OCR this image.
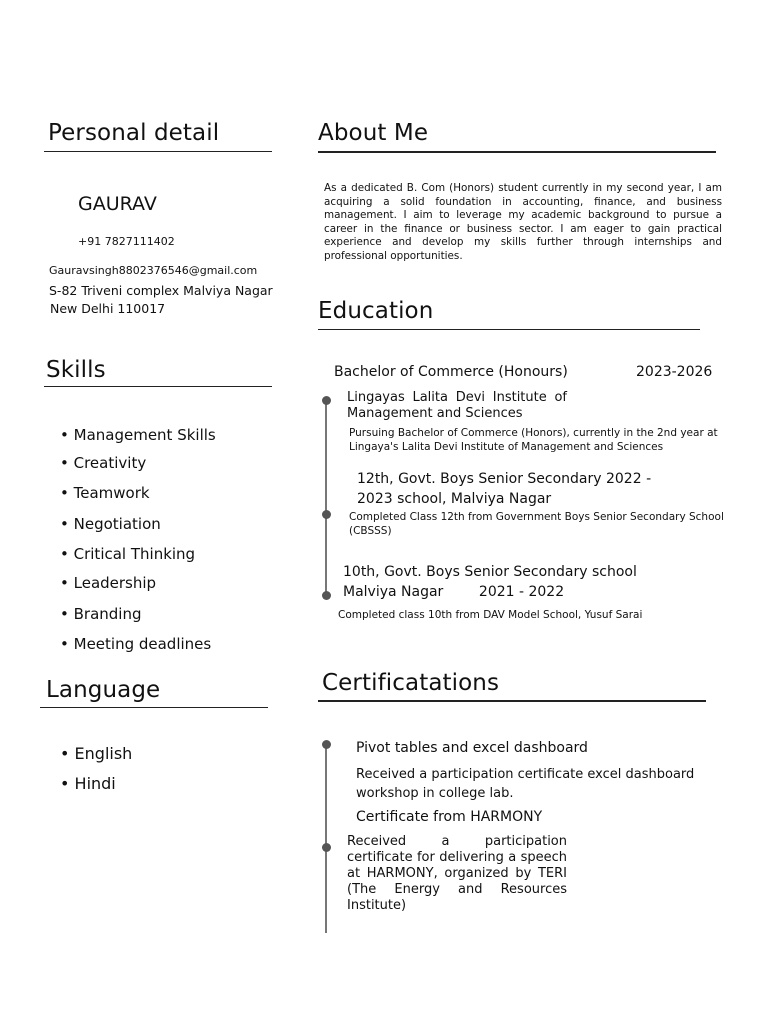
Personal detail
GAURAV
+91 7827111402
Gauravsingh8802376546@gmail.com
S-82 Triveni complex Malviya Nagar
New Delhi 110017
Skills
• Management Skills
• Creativity
• Teamwork
• Negotiation
• Critical Thinking
• Leadership
• Branding
• Meeting deadlines
Language
• English
• Hindi
About Me
As a dedicated B. Com (Honors) student currently in my second year, I am acquiring a solid foundation in accounting, finance, and business management. I aim to leverage my academic background to pursue a career in the finance or business sector. I am eager to gain practical experience and develop my skills further through internships and professional opportunities.
Education
Bachelor of Commerce (Honours)	2023-2026
Lingayas Lalita Devi Institute of Management and Sciences
Pursuing Bachelor of Commerce (Honors), currently in the 2nd year at Lingaya's Lalita Devi Institute of Management and Sciences
12th, Govt. Boys Senior Secondary 2022 - 2023 school, Malviya Nagar
Completed Class 12th from Government Boys Senior Secondary School (CBSSS)
10th, Govt. Boys Senior Secondary school Malviya Nagar        2021 - 2022
Completed class 10th from DAV Model School, Yusuf Sarai
Certificatations
Pivot tables and excel dashboard
Received a participation certificate excel dashboard workshop in college lab.
Certificate from HARMONY
Received a participation certificate for delivering a speech at HARMONY, organized by TERI (The Energy and Resources Institute)
